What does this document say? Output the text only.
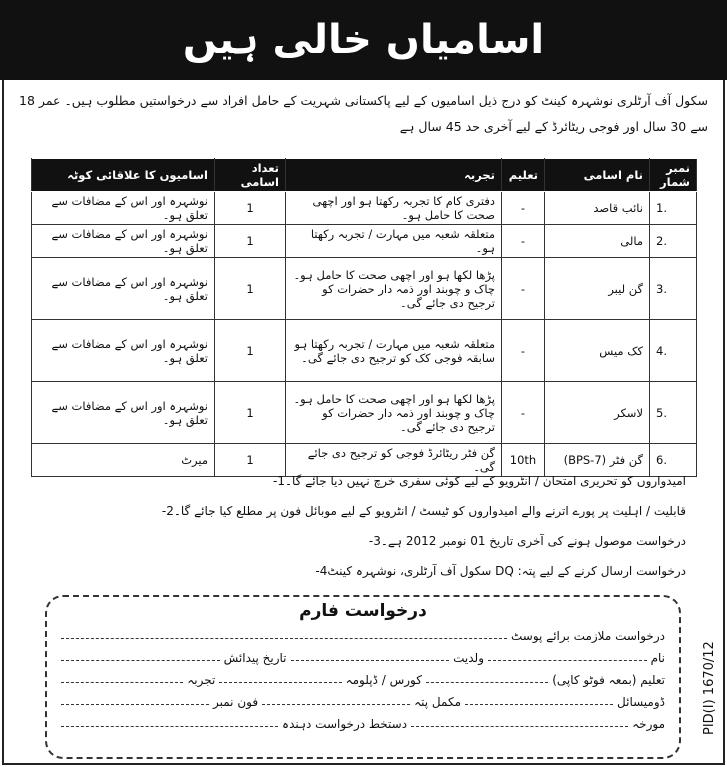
اسامیاں خالی ہیں
سکول آف آرٹلری نوشہرہ کینٹ کو درج ذیل اسامیوں کے لیے پاکستانی شہریت کے حامل افراد سے درخواستیں مطلوب ہیں۔ عمر 18 سے 30 سال اور فوجی ریٹائرڈ کے لیے آخری حد 45 سال ہے
نمبر شمار	نام اسامی	تعلیم	تجربہ	تعداد اسامی	اسامیوں کا علاقائی کوٹہ
1.	نائب قاصد	-	دفتری کام کا تجربہ رکھتا ہو اور اچھی صحت کا حامل ہو۔	1	نوشہرہ اور اس کے مضافات سے تعلق ہو۔
2.	مالی	-	متعلقہ شعبہ میں مہارت / تجربہ رکھتا ہو۔	1	نوشہرہ اور اس کے مضافات سے تعلق ہو۔
3.	گن لیبر	-	پڑھا لکھا ہو اور اچھی صحت کا حامل ہو۔ چاک و چوبند اور ذمہ دار حضرات کو ترجیح دی جائے گی۔	1	نوشہرہ اور اس کے مضافات سے تعلق ہو۔
4.	کک میس	-	متعلقہ شعبہ میں مہارت / تجربہ رکھتا ہو سابقہ فوجی کک کو ترجیح دی جائے گی۔	1	نوشہرہ اور اس کے مضافات سے تعلق ہو۔
5.	لاسکر	-	پڑھا لکھا ہو اور اچھی صحت کا حامل ہو۔ چاک و چوبند اور ذمہ دار حضرات کو ترجیح دی جائے گی۔	1	نوشہرہ اور اس کے مضافات سے تعلق ہو۔
6.	گن فٹر (BPS-7)	10th	گن فٹر ریٹائرڈ فوجی کو ترجیح دی جائے گی۔	1	میرٹ
امیدواروں کو تحریری امتحان / انٹرویو کے لیے کوئی سفری خرچ نہیں دیا جائے گا۔
-1
قابلیت / اہلیت پر پورے اترنے والے امیدواروں کو ٹیسٹ / انٹرویو کے لیے موبائل فون پر مطلع کیا جائے گا۔
-2
درخواست موصول ہونے کی آخری تاریخ 01 نومبر 2012 ہے۔
-3
درخواست ارسال کرنے کے لیے پتہ: DQ سکول آف آرٹلری، نوشہرہ کینٹ
-4
درخواست فارم
درخواست ملازمت برائے پوسٹ
نام
ولدیت
تاریخ پیدائش
تعلیم (بمعہ فوٹو کاپی)
کورس / ڈپلومہ
تجربہ
ڈومیسائل
مکمل پتہ
فون نمبر
مورخہ
دستخط درخواست دہندہ	PID(I) 1670/12
